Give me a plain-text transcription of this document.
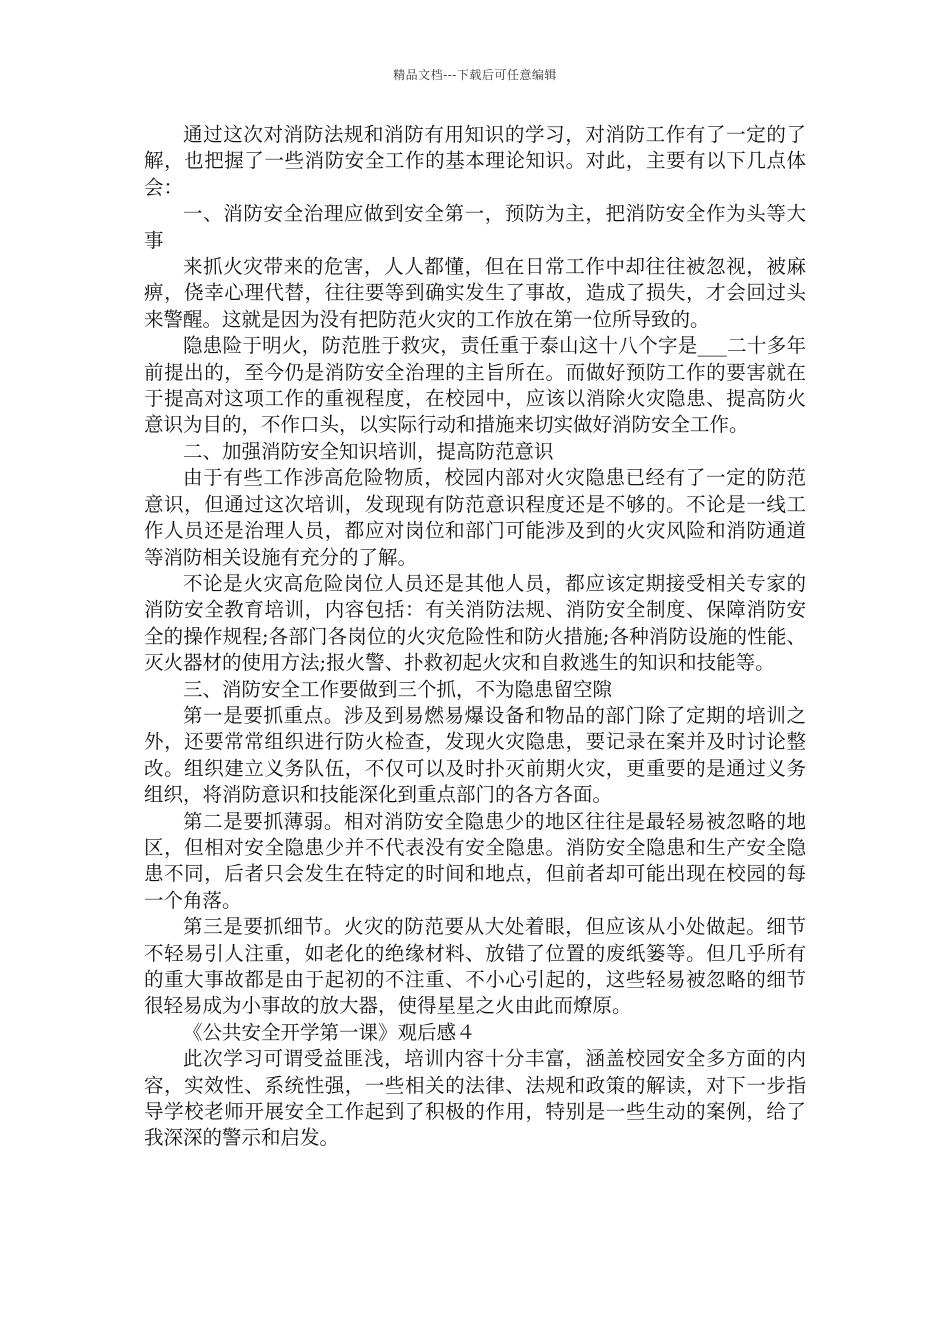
精品文档---下载后可任意编辑

通过这次对消防法规和消防有用知识的学习，对消防工作有了一定的了解，也把握了一些消防安全工作的基本理论知识。对此，主要有以下几点体会：

一、消防安全治理应做到安全第一，预防为主，把消防安全作为头等大事

来抓火灾带来的危害，人人都懂，但在日常工作中却往往被忽视，被麻痹，侥幸心理代替，往往要等到确实发生了事故，造成了损失，才会回过头来警醒。这就是因为没有把防范火灾的工作放在第一位所导致的。

隐患险于明火，防范胜于救灾，责任重于泰山这十八个字是___二十多年前提出的，至今仍是消防安全治理的主旨所在。而做好预防工作的要害就在于提高对这项工作的重视程度，在校园中，应该以消除火灾隐患、提高防火意识为目的，不作口头，以实际行动和措施来切实做好消防安全工作。

二、加强消防安全知识培训，提高防范意识

由于有些工作涉高危险物质，校园内部对火灾隐患已经有了一定的防范意识，但通过这次培训，发现现有防范意识程度还是不够的。不论是一线工作人员还是治理人员，都应对岗位和部门可能涉及到的火灾风险和消防通道等消防相关设施有充分的了解。

不论是火灾高危险岗位人员还是其他人员，都应该定期接受相关专家的消防安全教育培训，内容包括：有关消防法规、消防安全制度、保障消防安全的操作规程;各部门各岗位的火灾危险性和防火措施;各种消防设施的性能、灭火器材的使用方法;报火警、扑救初起火灾和自救逃生的知识和技能等。

三、消防安全工作要做到三个抓，不为隐患留空隙

第一是要抓重点。涉及到易燃易爆设备和物品的部门除了定期的培训之外，还要常常组织进行防火检查，发现火灾隐患，要记录在案并及时讨论整改。组织建立义务队伍，不仅可以及时扑灭前期火灾，更重要的是通过义务组织，将消防意识和技能深化到重点部门的各方各面。

第二是要抓薄弱。相对消防安全隐患少的地区往往是最轻易被忽略的地区，但相对安全隐患少并不代表没有安全隐患。消防安全隐患和生产安全隐患不同，后者只会发生在特定的时间和地点，但前者却可能出现在校园的每一个角落。

第三是要抓细节。火灾的防范要从大处着眼，但应该从小处做起。细节不轻易引人注重，如老化的绝缘材料、放错了位置的废纸篓等。但几乎所有的重大事故都是由于起初的不注重、不小心引起的，这些轻易被忽略的细节很轻易成为小事故的放大器，使得星星之火由此而燎原。

《公共安全开学第一课》观后感４

此次学习可谓受益匪浅，培训内容十分丰富，涵盖校园安全多方面的内容，实效性、系统性强，一些相关的法律、法规和政策的解读，对下一步指导学校老师开展安全工作起到了积极的作用，特别是一些生动的案例，给了我深深的警示和启发。
